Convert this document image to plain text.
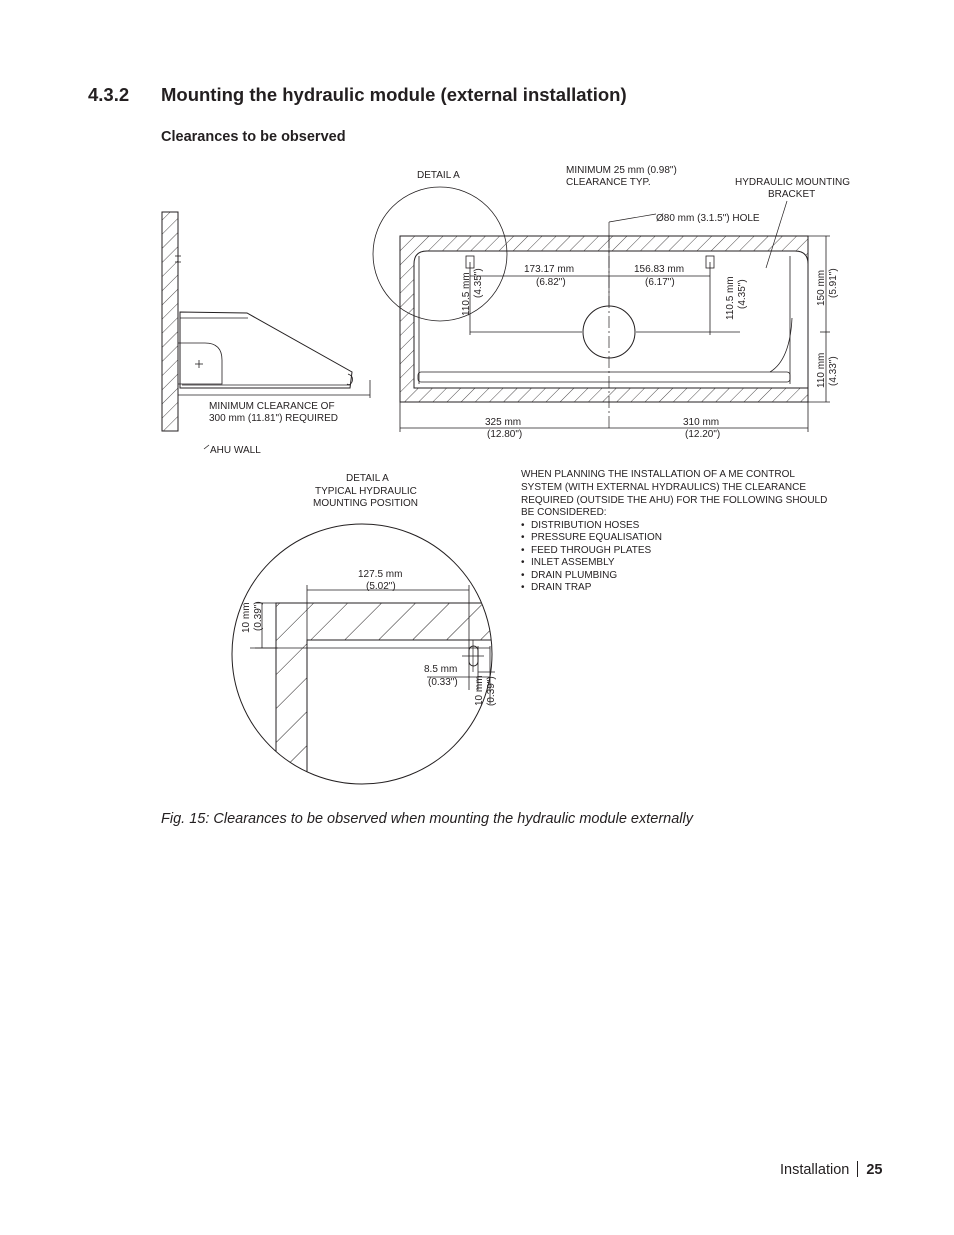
4.3.2 Mounting the hydraulic module (external installation)
Clearances to be observed
MINIMUM CLEARANCE OF
300 mm (11.81") REQUIRED
AHU WALL
DETAIL A
Ø80 mm (3.1.5") HOLE
MINIMUM 25 mm (0.98")
CLEARANCE TYP.	HYDRAULIC MOUNTING
BRACKET
173.17 mm
(6.82")
156.83 mm
(6.17")
110.5 mm (4.35")	110.5 mm (4.35")	150 mm (5.91")
110 mm (4.33")
325 mm
(12.80")
310 mm
(12.20")
DETAIL A
TYPICAL HYDRAULIC
MOUNTING POSITION
127.5 mm
(5.02")
10 mm (0.39")
8.5 mm
(0.33") 10 mm (0.39")
WHEN PLANNING THE INSTALLATION OF A ME CONTROL
SYSTEM (WITH EXTERNAL HYDRAULICS) THE CLEARANCE
REQUIRED (OUTSIDE THE AHU) FOR THE FOLLOWING SHOULD
BE CONSIDERED:
• DISTRIBUTION HOSES
• PRESSURE EQUALISATION
• FEED THROUGH PLATES
• INLET ASSEMBLY
• DRAIN PLUMBING
• DRAIN TRAP
Fig. 15: Clearances to be observed when mounting the hydraulic module externally
Installation 25
